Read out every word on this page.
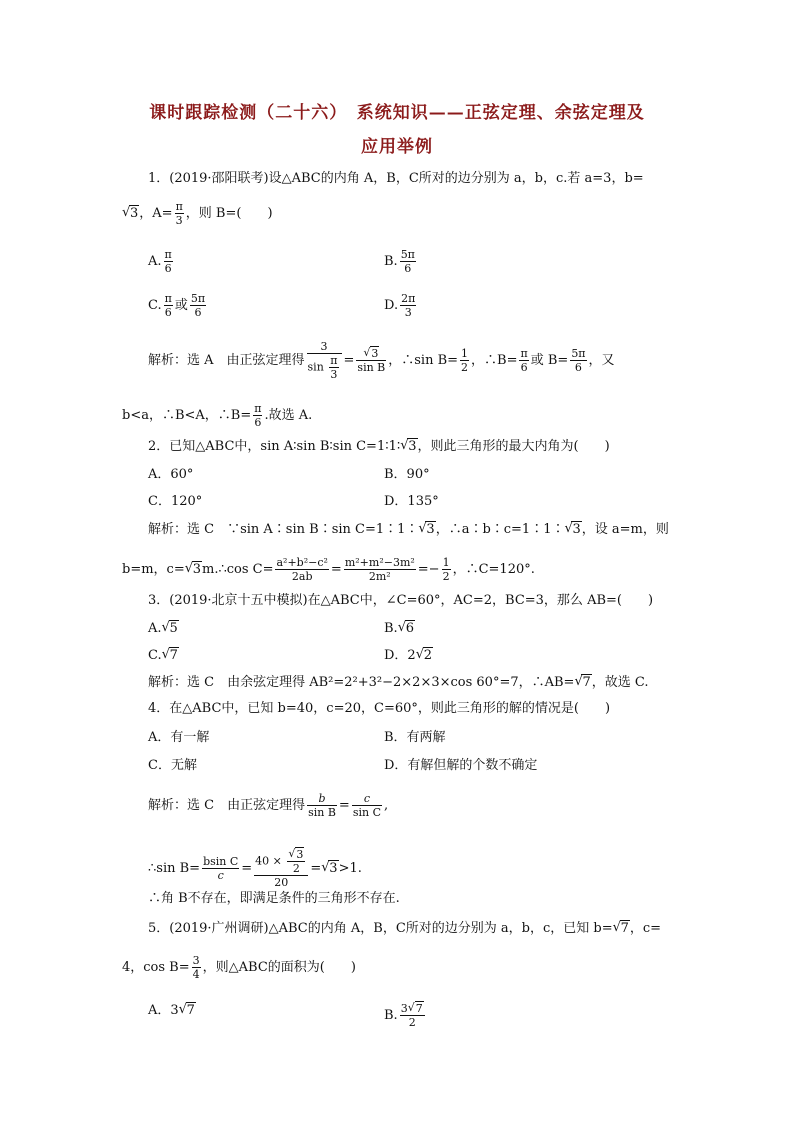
课时跟踪检测（二十六）　系统知识——正弦定理、余弦定理及
应用举例
1．(2019·邵阳联考)设△ABC的内角 A，B，C所对的边分别为 a，b，c.若 a=3，b=
√ 3，$A= \frac{\pi}{3}$ ，则 B=(　　)
A. $\frac{\pi}{6}$	B. $\frac{5\pi}{6}$
C. $\frac{\pi}{6}$ 或 $\frac{5\pi}{6}$	D. $\frac{2\pi}{3}$
解析：选 A　由正弦定理得 $\frac{3}{\sin \frac{\pi}{3}} = \frac{√ 3}{\text{sin B}}$ ，∴sin $B= \frac{1}{2}$ ，∴B= $\frac{\pi}{6}$ 或 $B= \frac{5\pi}{6}$ ，又
b<a，∴B<A，∴B= $\frac{\pi}{6}$ .故选 A.
2．已知△ABC中，sin A∶sin B∶sin C=1∶1∶ √ 3，则此三角形的最大内角为(　　)
A．60°	B．90°
C．120°	D．135°
解析：选 C　∵sin A∶sin B∶sin C=1∶1∶ √ 3，∴a∶b∶c=1∶1∶ √ 3，设 a=m，则
b=m，c= √ 3m.∴cos $C= \frac{\text{a²+b²−c²}}{2ab} = \frac{\text{m²+m²−3m²}}{\text{2m²}} =- \frac{1}{2}$ ，∴C=120°.
3．(2019·北京十五中模拟)在△ABC中，∠C=60°，AC=2，BC=3，那么 AB=(　　)
A. √ 5	B. √ 6
C. √ 7	D．2 √ 2
解析：选 C　由余弦定理得 AB²=2²+3²−2×2×3×cos 60°=7，∴AB= √ 7，故选 C.
4．在△ABC中，已知 b=40，c=20，C=60°，则此三角形的解的情况是(　　)
A．有一解	B．有两解
C．无解	D．有解但解的个数不确定
解析：选 C　由正弦定理得 $\frac{b}{\text{sin B}} = \frac{c}{\text{sin C}}$ ,
∴sin $B= \frac{\text{bsin C}}{c} = \frac{40 \times \frac{√ 3}{2}}{20}$ = √ 3>1.
∴角 B不存在，即满足条件的三角形不存在.
5．(2019·广州调研)△ABC的内角 A，B，C所对的边分别为 a，b，c，已知 b= √ 7，c=
4，$\cos B= \frac{3}{4}$ ，则△ABC的面积为(　　)
A．3 √ 7	B. $\frac{3 √ 7}{2}$
